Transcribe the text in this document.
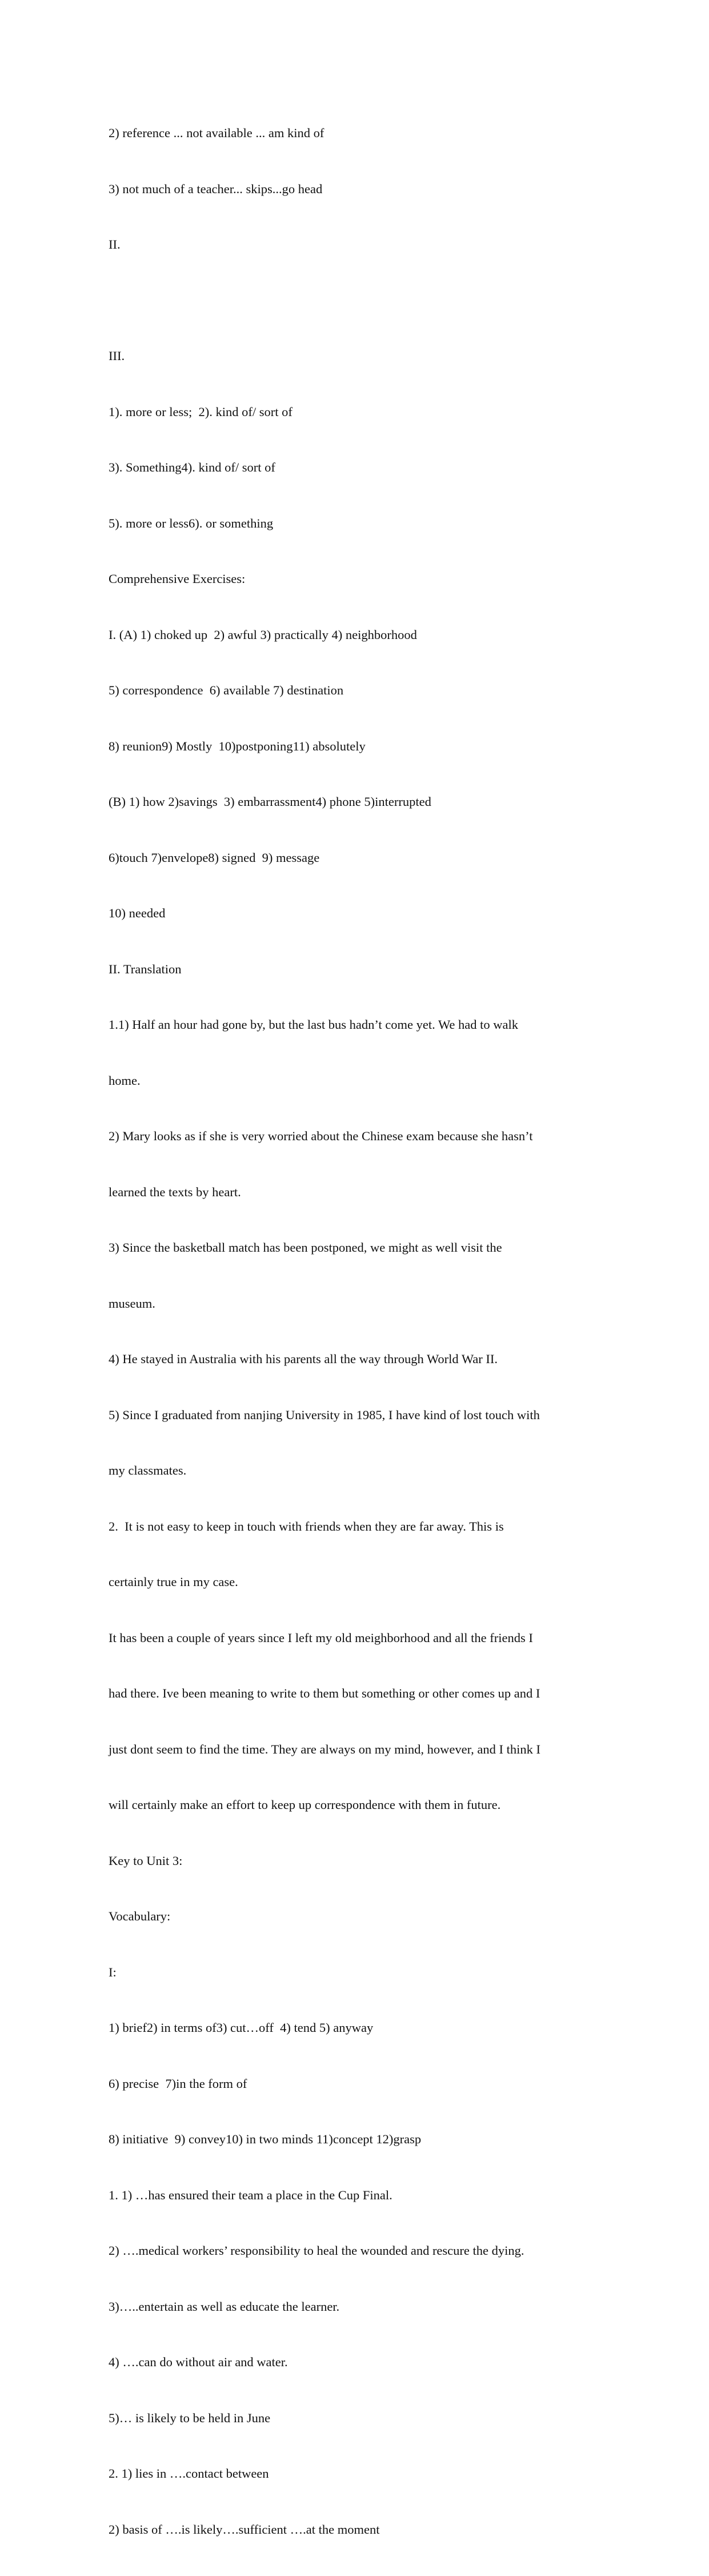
2) reference ... not available ... am kind of

3) not much of a teacher... skips...go head

II.

III.

1). more or less;  2). kind of/ sort of

3). Something4). kind of/ sort of

5). more or less6). or something

Comprehensive Exercises:

I. (A) 1) choked up  2) awful 3) practically 4) neighborhood

5) correspondence  6) available 7) destination

8) reunion9) Mostly  10)postponing11) absolutely

(B) 1) how 2)savings  3) embarrassment4) phone 5)interrupted

6)touch 7)envelope8) signed  9) message

10) needed

II. Translation

1.1) Half an hour had gone by, but the last bus hadn’t come yet. We had to walk

home.

2) Mary looks as if she is very worried about the Chinese exam because she hasn’t

learned the texts by heart.

3) Since the basketball match has been postponed, we might as well visit the

museum.

4) He stayed in Australia with his parents all the way through World War II.

5) Since I graduated from nanjing University in 1985, I have kind of lost touch with

my classmates.

2.  It is not easy to keep in touch with friends when they are far away. This is

certainly true in my case.

It has been a couple of years since I left my old meighborhood and all the friends I

had there. Ive been meaning to write to them but something or other comes up and I

just dont seem to find the time. They are always on my mind, however, and I think I

will certainly make an effort to keep up correspondence with them in future.

Key to Unit 3:

Vocabulary:

I:

1) brief2) in terms of3) cut…off  4) tend 5) anyway

6) precise  7)in the form of

8) initiative  9) convey10) in two minds 11)concept 12)grasp

1. 1) …has ensured their team a place in the Cup Final.

2) ….medical workers’ responsibility to heal the wounded and rescure the dying.

3)…..entertain as well as educate the learner.

4) ….can do without air and water.

5)… is likely to be held in June

2. 1) lies in ….contact between

2) basis of ….is likely….sufficient ….at the moment
